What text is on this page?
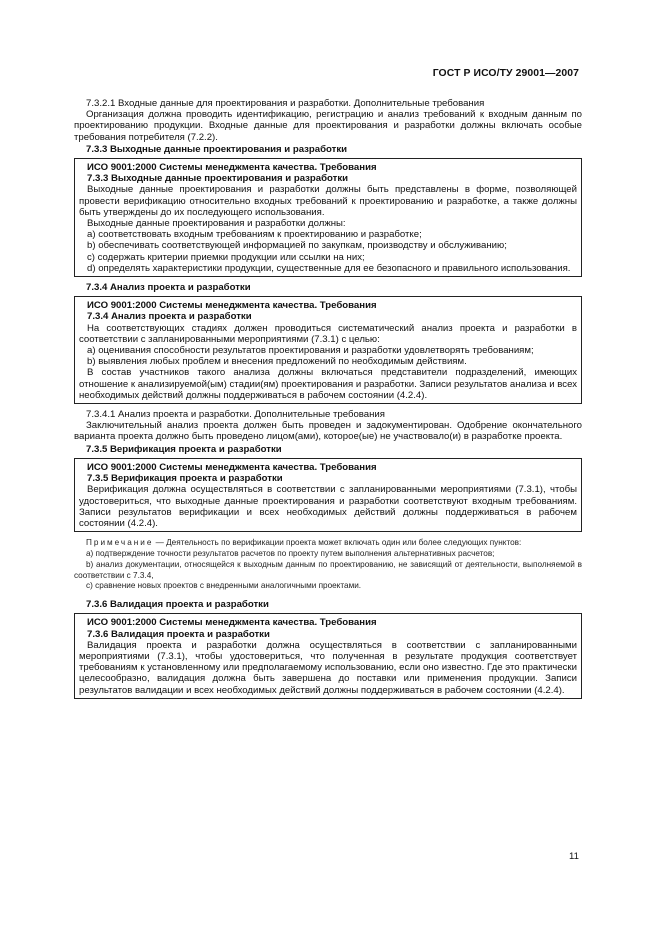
ГОСТ Р ИСО/ТУ 29001—2007

7.3.2.1 Входные данные для проектирования и разработки. Дополнительные требования

Организация должна проводить идентификацию, регистрацию и анализ требований к входным данным по проектированию продукции. Входные данные для проектирования и разработки должны включать особые требования потребителя (7.2.2).

7.3.3 Выходные данные проектирования и разработки
ИСО 9001:2000 Системы менеджмента качества. Требования
7.3.3 Выходные данные проектирования и разработки

Выходные данные проектирования и разработки должны быть представлены в форме, позволяющей провести верификацию относительно входных требований к проектированию и разработке, а также должны быть утверждены до их последующего использования.

Выходные данные проектирования и разработки должны:

a) соответствовать входным требованиям к проектированию и разработке;

b) обеспечивать соответствующей информацией по закупкам, производству и обслуживанию;

c) содержать критерии приемки продукции или ссылки на них;

d) определять характеристики продукции, существенные для ее безопасного и правильного использования.

7.3.4 Анализ проекта и разработки
ИСО 9001:2000 Системы менеджмента качества. Требования
7.3.4 Анализ проекта и разработки

На соответствующих стадиях должен проводиться систематический анализ проекта и разработки в соответствии с запланированными мероприятиями (7.3.1) с целью:

a) оценивания способности результатов проектирования и разработки удовлетворять требованиям;

b) выявления любых проблем и внесения предложений по необходимым действиям.

В состав участников такого анализа должны включаться представители подразделений, имеющих отношение к анализируемой(ым) стадии(ям) проектирования и разработки. Записи результатов анализа и всех необходимых действий должны поддерживаться в рабочем состоянии (4.2.4).

7.3.4.1 Анализ проекта и разработки. Дополнительные требования

Заключительный анализ проекта должен быть проведен и задокументирован. Одобрение окончательного варианта проекта должно быть проведено лицом(ами), которое(ые) не участвовало(и) в разработке проекта.

7.3.5 Верификация проекта и разработки
ИСО 9001:2000 Системы менеджмента качества. Требования
7.3.5 Верификация проекта и разработки

Верификация должна осуществляться в соответствии с запланированными мероприятиями (7.3.1), чтобы удостовериться, что выходные данные проектирования и разработки соответствуют входным требованиям. Записи результатов верификации и всех необходимых действий должны поддерживаться в рабочем состоянии (4.2.4).

Примечание — Деятельность по верификации проекта может включать один или более следующих пунктов:

a) подтверждение точности результатов расчетов по проекту путем выполнения альтернативных расчетов;

b) анализ документации, относящейся к выходным данным по проектированию, не зависящий от деятельности, выполняемой в соответствии с 7.3.4,

c) сравнение новых проектов с внедренными аналогичными проектами.

7.3.6 Валидация проекта и разработки
ИСО 9001:2000 Системы менеджмента качества. Требования
7.3.6 Валидация проекта и разработки

Валидация проекта и разработки должна осуществляться в соответствии с запланированными мероприятиями (7.3.1), чтобы удостовериться, что полученная в результате продукция соответствует требованиям к установленному или предполагаемому использованию, если оно известно. Где это практически целесообразно, валидация должна быть завершена до поставки или применения продукции. Записи результатов валидации и всех необходимых действий должны поддерживаться в рабочем состоянии (4.2.4).

11
